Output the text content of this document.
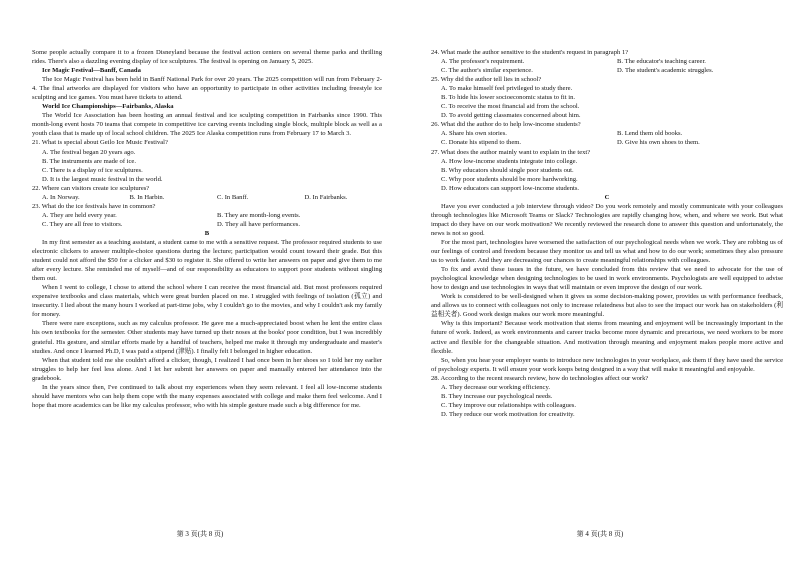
Some people actually compare it to a frozen Disneyland because the festival action centers on several theme parks and thrilling rides. There's also a dazzling evening display of ice sculptures. The festival is opening on January 5, 2025.

Ice Magic Festival—Banff, Canada

The Ice Magic Festival has been held in Banff National Park for over 20 years. The 2025 competition will run from February 2-4. The final artworks are displayed for visitors who have an opportunity to participate in other activities including freestyle ice sculpting and ice games. You must have tickets to attend.

World Ice Championships—Fairbanks, Alaska

The World Ice Association has been hosting an annual festival and ice sculpting competition in Fairbanks since 1990. This month-long event hosts 70 teams that compete in competitive ice carving events including single block, multiple block as well as a youth class that is made up of local school children. The 2025 Ice Alaska competition runs from February 17 to March 3.

21. What is special about Geilo Ice Music Festival?

A. The festival began 20 years ago.
B. The instruments are made of ice.
C. There is a display of ice sculptures.
D. It is the largest music festival in the world.

22. Where can visitors create ice sculptures?

A. In Norway.	B. In Harbin.	C. In Banff.	D. In Fairbanks.

23. What do the ice festivals have in common?

A. They are held every year.	B. They are month-long events.
C. They are all free to visitors.	D. They all have performances.

B

In my first semester as a teaching assistant, a student came to me with a sensitive request. The professor required students to use electronic clickers to answer multiple-choice questions during the lecture; participation would count toward their grade. But this student could not afford the $50 for a clicker and $30 to register it. She offered to write her answers on paper and give them to me after every lecture. She reminded me of myself—and of our responsibility as educators to support poor students without singling them out.

When I went to college, I chose to attend the school where I can receive the most financial aid. But most professors required expensive textbooks and class materials, which were great burden placed on me. I struggled with feelings of isolation (孤立) and insecurity. I lied about the many hours I worked at part-time jobs, why I couldn't go to the movies, and why I couldn't ask my family for money.

There were rare exceptions, such as my calculus professor. He gave me a much-appreciated boost when he lent the entire class his own textbooks for the semester. Other students may have turned up their noses at the books' poor condition, but I was incredibly grateful. His gesture, and similar efforts made by a handful of teachers, helped me make it through my undergraduate and master's studies. And once I learned Ph.D, I was paid a stipend (津贴). I finally felt I belonged in higher education.

When that student told me she couldn't afford a clicker, though, I realized I had once been in her shoes so I told her my earlier struggles to help her feel less alone. And I let her submit her answers on paper and manually entered her attendance into the gradebook.

In the years since then, I've continued to talk about my experiences when they seem relevant. I feel all low-income students should have mentors who can help them cope with the many expenses associated with college and make them feel welcome. And I hope that more academics can be like my calculus professor, who with his simple gesture made such a big difference for me.

第 3 页(共 8 页)

24. What made the author sensitive to the student's request in paragraph 1?

A. The professor's requirement.	B. The educator's teaching career.
C. The author's similar experience.	D. The student's academic struggles.

25. Why did the author tell lies in school?

A. To make himself feel privileged to study there.
B. To hide his lower socioeconomic status to fit in.
C. To receive the most financial aid from the school.
D. To avoid getting classmates concerned about him.

26. What did the author do to help low-income students?

A. Share his own stories.	B. Lend them old books.
C. Donate his stipend to them.	D. Give his own shoes to them.

27. What does the author mainly want to explain in the text?

A. How low-income students integrate into college.
B. Why educators should single poor students out.
C. Why poor students should be more hardworking.
D. How educators can support low-income students.

C

Have you ever conducted a job interview through video? Do you work remotely and mostly communicate with your colleagues through technologies like Microsoft Teams or Slack? Technologies are rapidly changing how, when, and where we work. But what impact do they have on our work motivation? We recently reviewed the research done to answer this question and unfortunately, the news is not so good.

For the most part, technologies have worsened the satisfaction of our psychological needs when we work. They are robbing us of our feelings of control and freedom because they monitor us and tell us what and how to do our work; sometimes they also pressure us to work faster. And they are decreasing our chances to create meaningful relationships with colleagues.

To fix and avoid these issues in the future, we have concluded from this review that we need to advocate for the use of psychological knowledge when designing technologies to be used in work environments. Psychologists are well equipped to advise how to design and use technologies in ways that will maintain or even improve the design of our work.

Work is considered to be well-designed when it gives us some decision-making power, provides us with performance feedback, and allows us to connect with colleagues not only to increase relatedness but also to see the impact our work has on stakeholders (利益相关者). Good work design makes our work more meaningful.

Why is this important? Because work motivation that stems from meaning and enjoyment will be increasingly important in the future of work. Indeed, as work environments and career tracks become more dynamic and precarious, we need workers to be more active and flexible for the changeable situation. And motivation through meaning and enjoyment makes people more active and flexible.

So, when you hear your employer wants to introduce new technologies in your workplace, ask them if they have used the service of psychology experts. It will ensure your work keeps being designed in a way that will make it meaningful and enjoyable.

28. According to the recent research review, how do technologies affect our work?

A. They decrease our working efficiency.
B. They increase our psychological needs.
C. They improve our relationships with colleagues.
D. They reduce our work motivation for creativity.
第 4 页(共 8 页)
